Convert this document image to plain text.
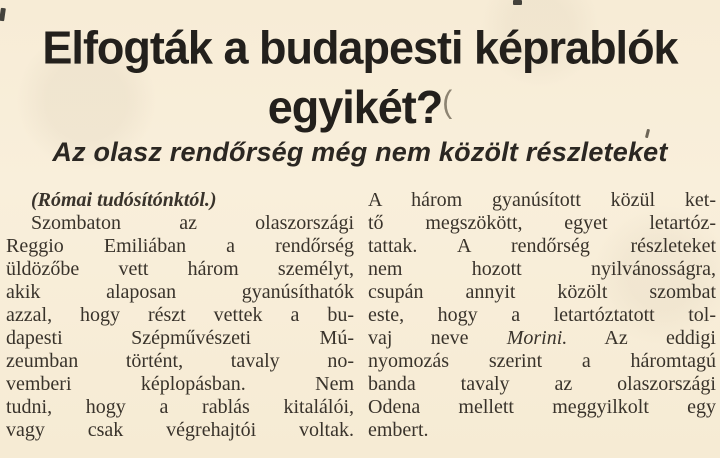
Elfogták a budapesti képrablók
egyikét?(
Az olasz rendőrség még nem közölt részleteket
(Római tudósítónktól.)
Szombaton az olaszországi
Reggio Emiliában a rendőrség
üldözőbe vett három személyt,
akik alaposan gyanúsíthatók
azzal, hogy részt vettek a bu-
dapesti Szépművészeti Mú-
zeumban történt, tavaly no-
vemberi képlopásban. Nem
tudni, hogy a rablás kitalálói,
vagy csak végrehajtói voltak.
A három gyanúsított közül ket-
tő megszökött, egyet letartóz-
tattak. A rendőrség részleteket
nem hozott nyilvánosságra,
csupán annyit közölt szombat
este, hogy a letartóztatott tol-
vaj neve Morini. Az eddigi
nyomozás szerint a háromtagú
banda tavaly az olaszországi
Odena mellett meggyilkolt egy
embert.
